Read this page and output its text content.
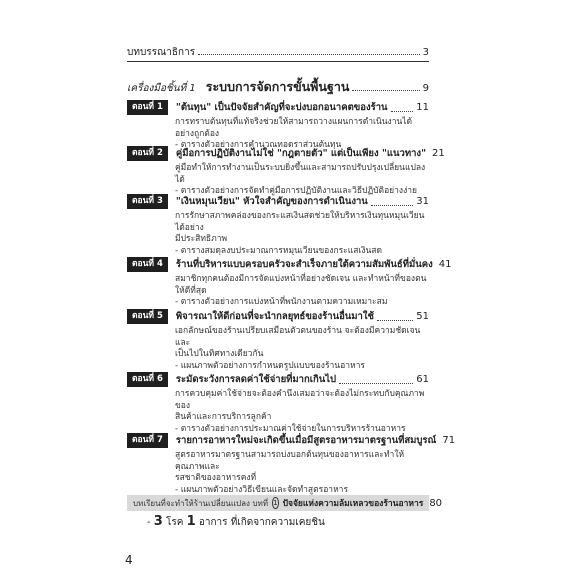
บทบรรณาธิการ	3
เครื่องมือชิ้นที่ 1 ระบบการจัดการขั้นพื้นฐาน	9
ตอนที่ 1	"ต้นทุน" เป็นปัจจัยสำคัญที่จะบ่งบอกอนาคตของร้าน	11
การทราบต้นทุนที่แท้จริงช่วยให้สามารถวางแผนการดำเนินงานได้อย่างถูกต้อง
- ตารางตัวอย่างการคำนวณทอดราส่วนต้นทุน
ตอนที่ 2	คู่มือการปฏิบัติงานไม่ใช่ "กฎตายตัว" แต่เป็นเพียง "แนวทาง" 21
คู่มือทำให้การทำงานเป็นระบบยิ่งขึ้นและสามารถปรับปรุงเปลี่ยนแปลงได้
- ตารางตัวอย่างการจัดทำคู่มือการปฏิบัติงานและวิธีปฏิบัติอย่างง่าย
ตอนที่ 3	"เงินหมุนเวียน" หัวใจสำคัญของการดำเนินงาน	31
การรักษาสภาพคล่องของกระแสเงินสดช่วยให้บริหารเงินทุนหมุนเวียนได้อย่าง
มีประสิทธิภาพ
- ตารางสมดุลงบประมาณการหมุนเวียนของกระแสเงินสด
ตอนที่ 4	ร้านที่บริหารแบบครอบครัวจะสำเร็จภายใต้ความสัมพันธ์ที่มั่นคง 41
สมาชิกทุกคนต้องมีการจัดแบ่งหน้าที่อย่างชัดเจน และทำหน้าที่ของตนให้ดีที่สุด
- ตารางตัวอย่างการแบ่งหน้าที่พนักงานตามความเหมาะสม
ตอนที่ 5	พิจารณาให้ดีก่อนที่จะนำกลยุทธ์ของร้านอื่นมาใช้	51
เอกลักษณ์ของร้านเปรียบเสมือนตัวตนของร้าน จะต้องมีความชัดเจนและ
เป็นไปในทิศทางเดียวกัน
- แผนภาพตัวอย่างการกำหนดรูปแบบของร้านอาหาร
ตอนที่ 6	ระมัดระวังการลดค่าใช้จ่ายที่มากเกินไป	61
การควบคุมค่าใช้จ่ายจะต้องคำนึงเสมอว่าจะต้องไม่กระทบกับคุณภาพของ
สินค้าและการบริการลูกค้า
- ตารางตัวอย่างการประมาณค่าใช้จ่ายในการบริหารร้านอาหาร
ตอนที่ 7	รายการอาหารใหม่จะเกิดขึ้นเมื่อมีสูตรอาหารมาตรฐานที่สมบูรณ์ 71
สูตรอาหารมาตรฐานสามารถบ่งบอกต้นทุนของอาหารและทำให้คุณภาพและ
รสชาติของอาหารคงที่
- แผนภาพตัวอย่างวิธีเขียนและจัดทำสูตรอาหาร
บทเรียนที่จะทำให้ร้านเปลี่ยนแปลง บทที่ 1 ปัจจัยแห่งความล้มเหลวของร้านอาหาร 80
- 3 โรค 1 อาการ ที่เกิดจากความเคยชิน
4
